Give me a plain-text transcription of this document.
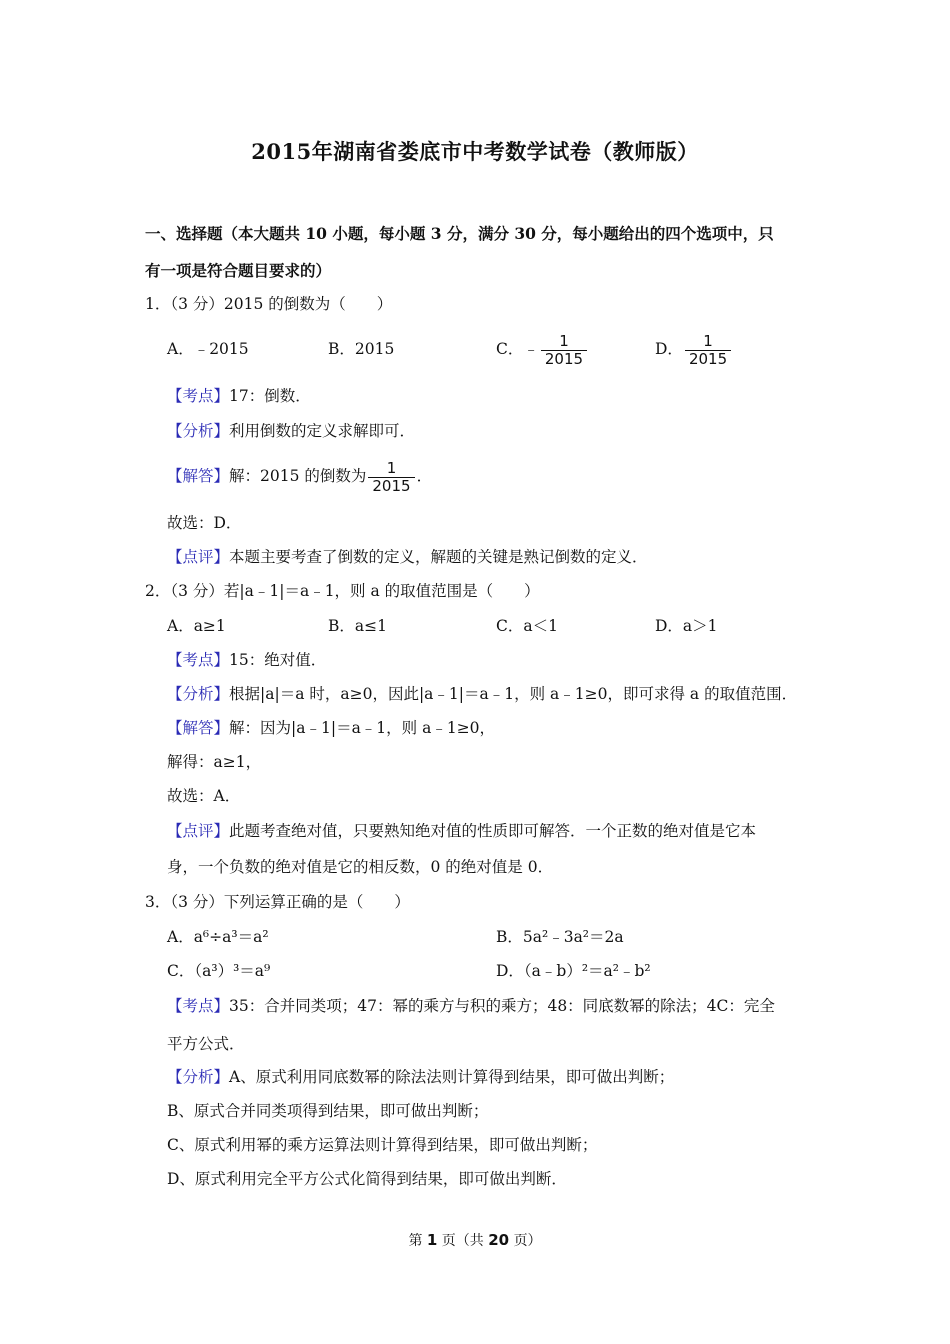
2015年湖南省娄底市中考数学试卷（教师版）
一、选择题（本大题共 10 小题，每小题 3 分，满分 30 分，每小题给出的四个选项中，只
有一项是符合题目要求的）
1．（3 分）2015 的倒数为（　　）
A．﹣2015	B．2015	C．﹣ $\frac{1}{2015}$	D． $\frac{1}{2015}$
【考点】17：倒数．
【分析】利用倒数的定义求解即可．
【解答】解：2015 的倒数为 $\frac{1}{2015}$ ．
故选：D．
【点评】本题主要考查了倒数的定义，解题的关键是熟记倒数的定义．
2．（3 分）若|a﹣1|＝a﹣1，则 a 的取值范围是（　　）
A．a≥1	B．a≤1	C．a＜1	D．a＞1
【考点】15：绝对值．
【分析】根据|a|＝a 时，a≥0，因此|a﹣1|＝a﹣1，则 a﹣1≥0，即可求得 a 的取值范围．
【解答】解：因为|a﹣1|＝a﹣1，则 a﹣1≥0，
解得：a≥1，
故选：A．
【点评】此题考查绝对值，只要熟知绝对值的性质即可解答．一个正数的绝对值是它本
身，一个负数的绝对值是它的相反数，0 的绝对值是 0．
3．（3 分）下列运算正确的是（　　）
A．a⁶÷a³＝a²	B．5a²﹣3a²＝2a
C．（a³）³＝a⁹	D．（a﹣b）²＝a²﹣b²
【考点】35：合并同类项；47：幂的乘方与积的乘方；48：同底数幂的除法；4C：完全
平方公式．
【分析】A、原式利用同底数幂的除法法则计算得到结果，即可做出判断；
B、原式合并同类项得到结果，即可做出判断；
C、原式利用幂的乘方运算法则计算得到结果，即可做出判断；
D、原式利用完全平方公式化简得到结果，即可做出判断．
第 1 页（共 20 页）
